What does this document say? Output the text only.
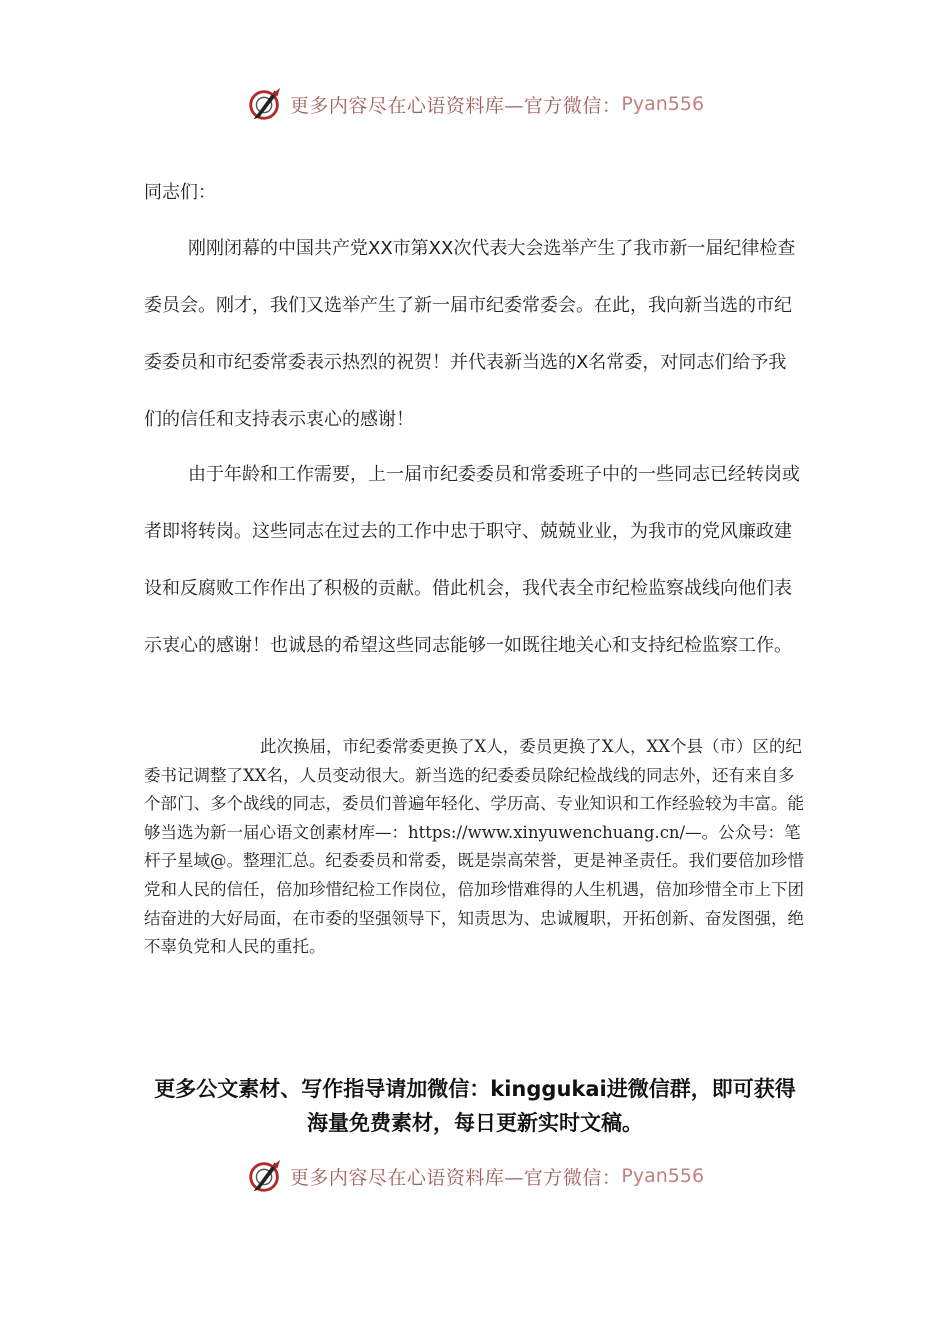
更多内容尽在心语资料库—官方微信： Pyan556
同志们：

刚刚闭幕的中国共产党XX市第XX次代表大会选举产生了我市新一届纪律检查委员会。刚才，我们又选举产生了新一届市纪委常委会。在此，我向新当选的市纪委委员和市纪委常委表示热烈的祝贺！并代表新当选的X名常委，对同志们给予我们的信任和支持表示衷心的感谢！

由于年龄和工作需要，上一届市纪委委员和常委班子中的一些同志已经转岗或者即将转岗。这些同志在过去的工作中忠于职守、兢兢业业，为我市的党风廉政建设和反腐败工作作出了积极的贡献。借此机会，我代表全市纪检监察战线向他们表示衷心的感谢！也诚恳的希望这些同志能够一如既往地关心和支持纪检监察工作。

此次换届，市纪委常委更换了X人，委员更换了X人，XX个县（市）区的纪委书记调整了XX名，人员变动很大。新当选的纪委委员除纪检战线的同志外，还有来自多个部门、多个战线的同志，委员们普遍年轻化、学历高、专业知识和工作经验较为丰富。能够当选为新一届心语文创素材库—：https://www.xinyuwenchuang.cn/—。公众号：笔杆子星域@。整理汇总。纪委委员和常委，既是崇高荣誉，更是神圣责任。我们要倍加珍惜党和人民的信任，倍加珍惜纪检工作岗位，倍加珍惜难得的人生机遇，倍加珍惜全市上下团结奋进的大好局面，在市委的坚强领导下，知责思为、忠诚履职，开拓创新、奋发图强，绝不辜负党和人民的重托。

更多公文素材、写作指导请加微信：kinggukai进微信群，即可获得海量免费素材，每日更新实时文稿。

更多内容尽在心语资料库—官方微信： Pyan556
